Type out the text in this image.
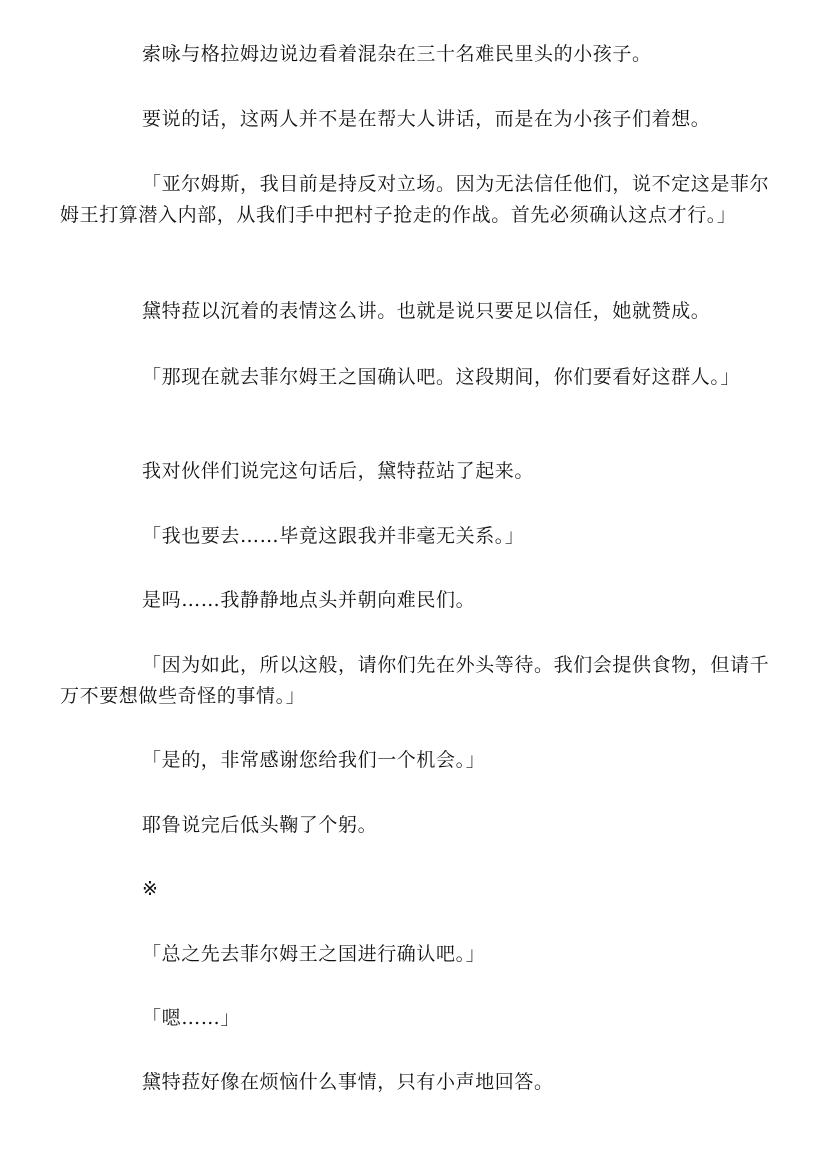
索咏与格拉姆边说边看着混杂在三十名难民里头的小孩子。

要说的话，这两人并不是在帮大人讲话，而是在为小孩子们着想。

「亚尔姆斯，我目前是持反对立场。因为无法信任他们，说不定这是菲尔姆王打算潜入内部，从我们手中把村子抢走的作战。首先必须确认这点才行。」

黛特菈以沉着的表情这么讲。也就是说只要足以信任，她就赞成。

「那现在就去菲尔姆王之国确认吧。这段期间，你们要看好这群人。」

我对伙伴们说完这句话后，黛特菈站了起来。

「我也要去……毕竟这跟我并非毫无关系。」

是吗……我静静地点头并朝向难民们。

「因为如此，所以这般，请你们先在外头等待。我们会提供食物，但请千万不要想做些奇怪的事情。」

「是的，非常感谢您给我们一个机会。」

耶鲁说完后低头鞠了个躬。

※

「总之先去菲尔姆王之国进行确认吧。」

「嗯……」

黛特菈好像在烦恼什么事情，只有小声地回答。
